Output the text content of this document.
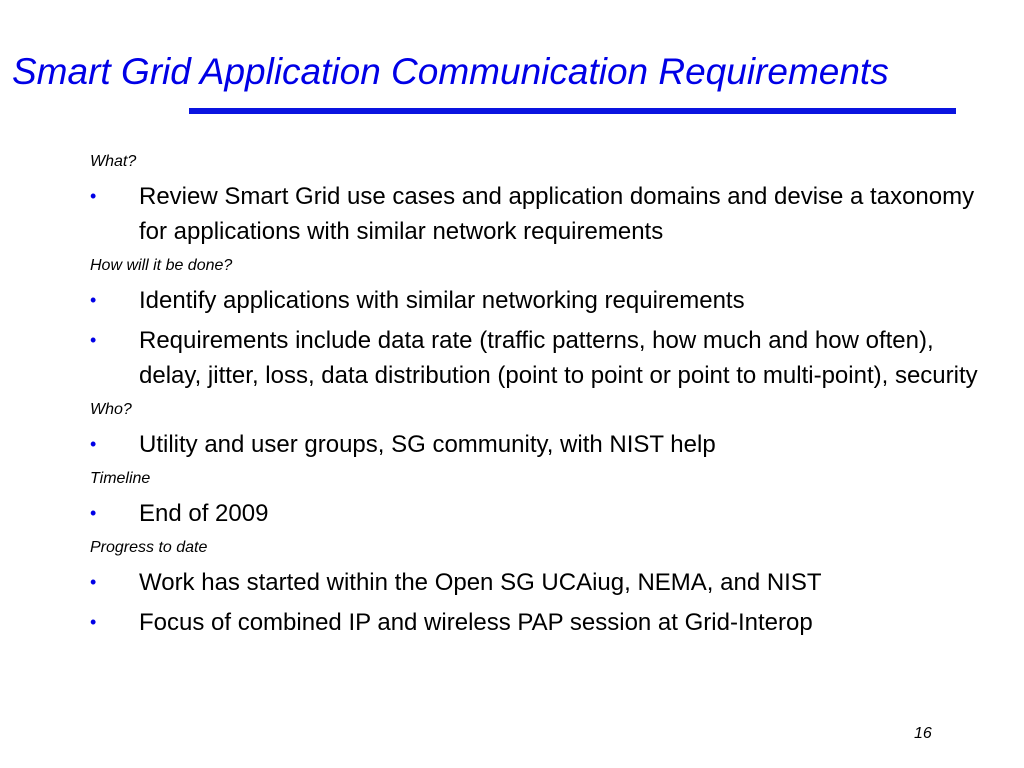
Smart Grid Application Communication Requirements

What?

• Review Smart Grid use cases and application domains and devise a taxonomy for applications with similar network requirements

How will it be done?

• Identify applications with similar networking requirements
• Requirements include data rate (traffic patterns, how much and how often), delay, jitter, loss, data distribution (point to point or point to multi-point), security

Who?

• Utility and user groups, SG community, with NIST help

Timeline

• End of 2009

Progress to date

• Work has started within the Open SG UCAiug, NEMA, and NIST
• Focus of combined IP and wireless PAP session at Grid-Interop
16
